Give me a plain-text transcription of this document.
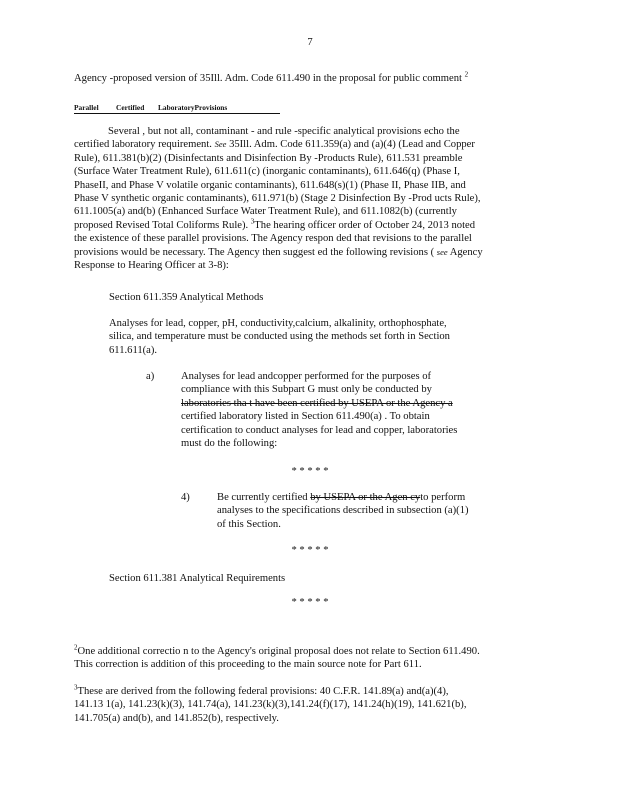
7
Agency -proposed version of 35Ill. Adm. Code 611.490 in the proposal for public comment $^2$
Parallel Certified LaboratoryProvisions
Several , but not all, contaminant - and rule -specific analytical provisions echo the
certified laboratory requirement. See 35Ill. Adm. Code 611.359(a) and (a)(4) (Lead and Copper
Rule), 611.381(b)(2) (Disinfectants and Disinfection By -Products Rule), 611.531 preamble
(Surface Water Treatment Rule), 611.611(c) (inorganic contaminants), 611.646(q) (Phase I,
PhaseII, and Phase V volatile organic contaminants), 611.648(s)(1) (Phase II, Phase IIB, and
Phase V synthetic organic contaminants), 611.971(b) (Stage 2 Disinfection By -Prod ucts Rule),
611.1005(a) and(b) (Enhanced Surface Water Treatment Rule), and 611.1082(b) (currently
proposed Revised Total Coliforms Rule). $^3$The hearing officer order of October 24, 2013 noted
the existence of these parallel provisions. The Agency respon ded that revisions to the parallel
provisions would be necessary. The Agency then suggest ed the following revisions ( see Agency
Response to Hearing Officer at 3-8):
Section 611.359 Analytical Methods
Analyses for lead, copper, pH, conductivity,calcium, alkalinity, orthophosphate,
silica, and temperature must be conducted using the methods set forth in Section
611.611(a).
a)	Analyses for lead andcopper performed for the purposes of
compliance with this Subpart G must only be conducted by
laboratories tha t have been certified by USEPA or the Agency a
certified laboratory listed in Section 611.490(a) . To obtain
certification to conduct analyses for lead and copper, laboratories
must do the following:
* * * * *
4)	Be currently certified by USEPA or the Agen cyto perform
analyses to the specifications described in subsection (a)(1)
of this Section.
* * * * *
Section 611.381 Analytical Requirements
* * * * *
$^2$One additional correctio n to the Agency's original proposal does not relate to Section 611.490.
This correction is addition of this proceeding to the main source note for Part 611.
$^3$These are derived from the following federal provisions: 40 C.F.R. 141.89(a) and(a)(4),
141.13 1(a), 141.23(k)(3), 141.74(a), 141.23(k)(3),141.24(f)(17), 141.24(h)(19), 141.621(b),
141.705(a) and(b), and 141.852(b), respectively.
